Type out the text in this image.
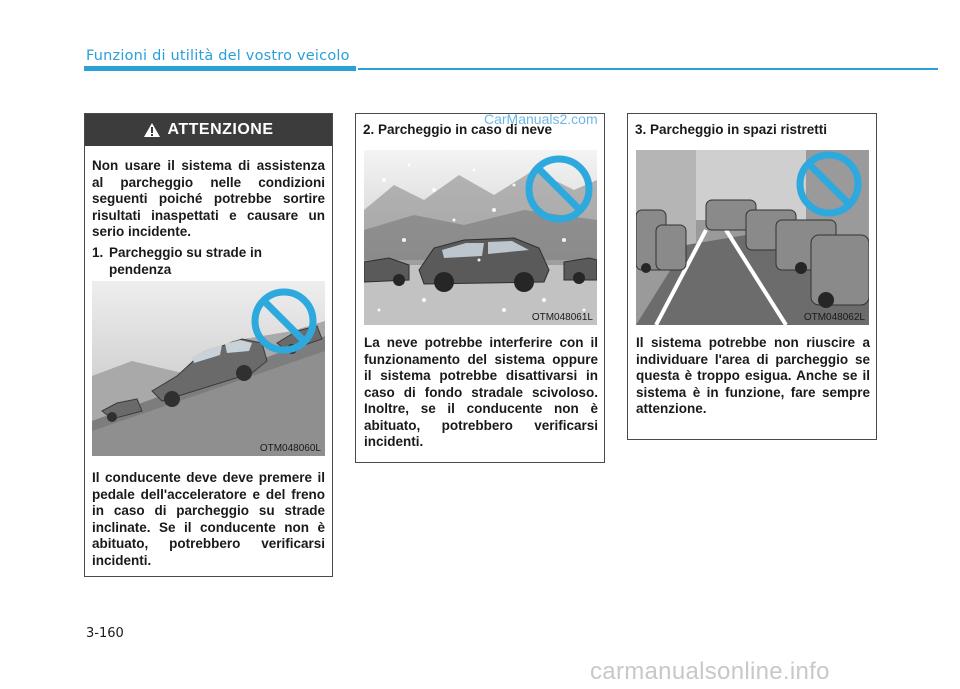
Funzioni di utilità del vostro veicolo
ATTENZIONE
Non usare il sistema di assistenza al parcheggio nelle condizioni seguenti poiché potrebbe sortire risultati inaspettati e causare un serio incidente.
1. Parcheggio su strade in pendenza
OTM048060L
Il conducente deve deve premere il pedale dell'acceleratore e del freno in caso di parcheggio su strade inclinate. Se il conducente non è abituato, potrebbero verificarsi incidenti.
2. Parcheggio in caso di neve
OTM048061L
La neve potrebbe interferire con il funzionamento del sistema oppure il sistema potrebbe disattivarsi in caso di fondo stradale scivoloso. Inoltre, se il conducente non è abituato, potrebbero verificarsi incidenti.
3. Parcheggio in spazi ristretti
OTM048062L
Il sistema potrebbe non riuscire a individuare l'area di parcheggio se questa è troppo esigua. Anche se il sistema è in funzione, fare sempre attenzione.
CarManuals2.com
3-160
carmanualsonline.info
